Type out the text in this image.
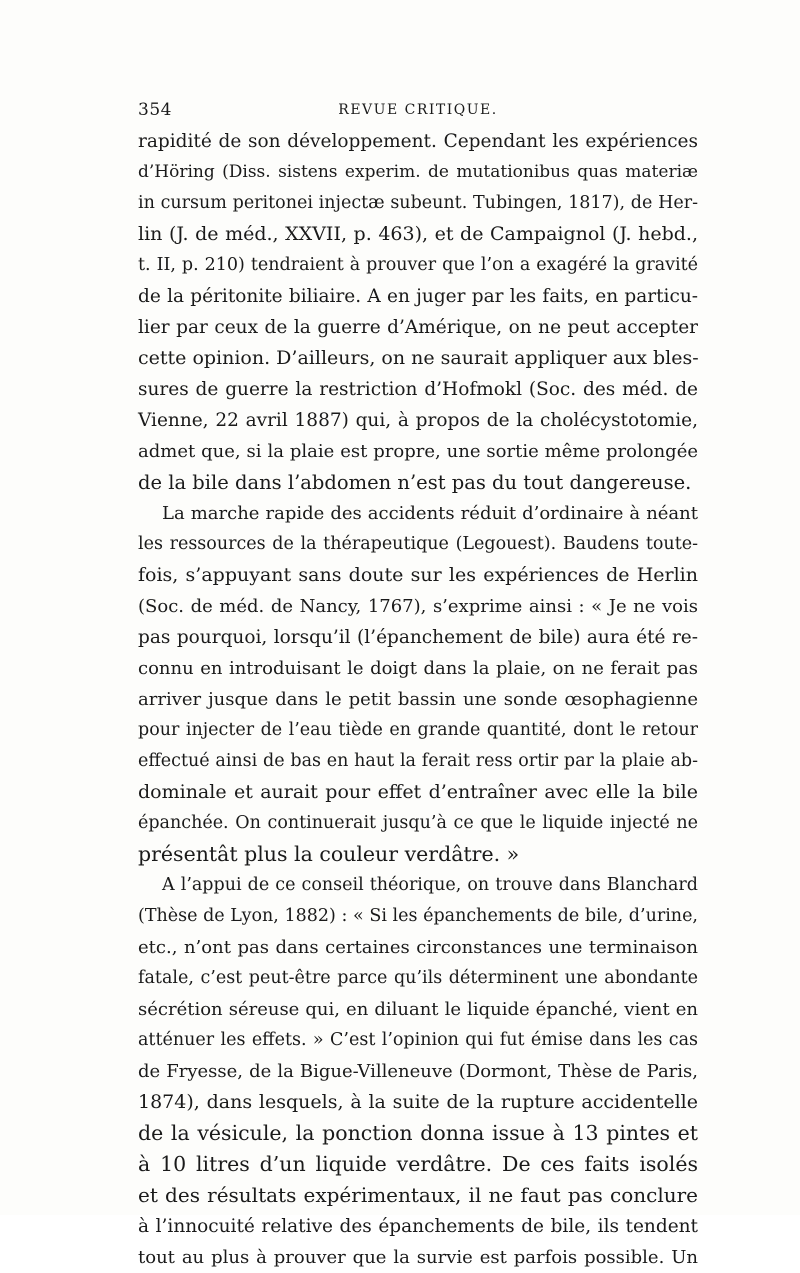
354	REVUE CRITIQUE.
rapidité de son développement. Cependant les expériences
d’Höring (Diss. sistens experim. de mutationibus quas materiæ
in cursum peritonei injectæ subeunt. Tubingen, 1817), de Her-
lin (J. de méd., XXVII, p. 463), et de Campaignol (J. hebd.,
t. II, p. 210) tendraient à prouver que l’on a exagéré la gravité
de la péritonite biliaire. A en juger par les faits, en particu-
lier par ceux de la guerre d’Amérique, on ne peut accepter
cette opinion. D’ailleurs, on ne saurait appliquer aux bles-
sures de guerre la restriction d’Hofmokl (Soc. des méd. de
Vienne, 22 avril 1887) qui, à propos de la cholécystotomie,
admet que, si la plaie est propre, une sortie même prolongée
de la bile dans l’abdomen n’est pas du tout dangereuse.
La marche rapide des accidents réduit d’ordinaire à néant
les ressources de la thérapeutique (Legouest). Baudens toute-
fois, s’appuyant sans doute sur les expériences de Herlin
(Soc. de méd. de Nancy, 1767), s’exprime ainsi : « Je ne vois
pas pourquoi, lorsqu’il (l’épanchement de bile) aura été re-
connu en introduisant le doigt dans la plaie, on ne ferait pas
arriver jusque dans le petit bassin une sonde œsophagienne
pour injecter de l’eau tiède en grande quantité, dont le retour
effectué ainsi de bas en haut la ferait ress ortir par la plaie ab-
dominale et aurait pour effet d’entraîner avec elle la bile
épanchée. On continuerait jusqu’à ce que le liquide injecté ne
présentât plus la couleur verdâtre. »
A l’appui de ce conseil théorique, on trouve dans Blanchard
(Thèse de Lyon, 1882) : « Si les épanchements de bile, d’urine,
etc., n’ont pas dans certaines circonstances une terminaison
fatale, c’est peut-être parce qu’ils déterminent une abondante
sécrétion séreuse qui, en diluant le liquide épanché, vient en
atténuer les effets. » C’est l’opinion qui fut émise dans les cas
de Fryesse, de la Bigue-Villeneuve (Dormont, Thèse de Paris,
1874), dans lesquels, à la suite de la rupture accidentelle
de la vésicule, la ponction donna issue à 13 pintes et
à 10 litres d’un liquide verdâtre. De ces faits isolés
et des résultats expérimentaux, il ne faut pas conclure
à l’innocuité relative des épanchements de bile, ils tendent
tout au plus à prouver que la survie est parfois possible. Un
